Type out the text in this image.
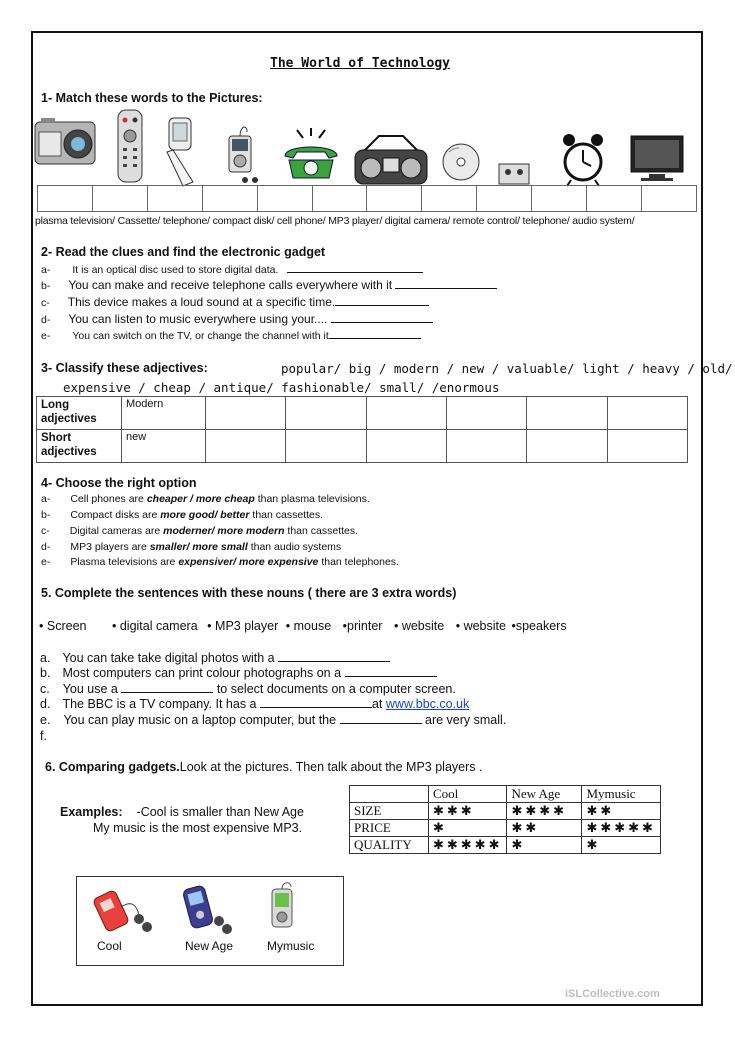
The World of Technology
1- Match these words to the Pictures:

plasma television/ Cassette/ telephone/ compact disk/ cell phone/ MP3 player/ digital camera/ remote control/ telephone/ audio system/
2- Read the clues and find the electronic gadget
a- It is an optical disc used to store digital data.
b- You can make and receive telephone calls everywhere with it
c- This device makes a loud sound at a specific time.
d- You can listen to music everywhere using your....
e- You can switch on the TV, or change the channel with it
3- Classify these adjectives:	popular/ big / modern / new / valuable/ light / heavy / old/
expensive / cheap / antique/ fashionable/ small/ /enormous
Long adjectives	Modern						
Short adjectives	new						
4- Choose the right option
a- Cell phones are cheaper / more cheap than plasma televisions.
b- Compact disks are more good/ better than cassettes.
c- Digital cameras are moderner/ more modern than cassettes.
d- MP3 players are smaller/ more small than audio systems
e- Plasma televisions are expensiver/ more expensive than telephones.
5. Complete the sentences with these nouns ( there are 3 extra words)
• Screen • digital camera • MP3 player • mouse •printer • website • website •speakers
a. You can take take digital photos with a
b. Most computers can print colour photographs on a
c. You use a	to select documents on a computer screen.
d. The BBC is a TV company. It has a	at www.bbc.co.uk
e. You can play music on a laptop computer, but the	are very small.
f.
6. Comparing gadgets.Look at the pictures. Then talk about the MP3 players .
Examples: -Cool is smaller than New Age
My music is the most expensive MP3.
	Cool	New Age	Mymusic
SIZE	✱✱✱	✱✱✱✱	✱✱
PRICE	✱	✱✱	✱✱✱✱✱
QUALITY	✱✱✱✱✱	✱	✱
Cool	New Age	Mymusic
iSLCollective.com
